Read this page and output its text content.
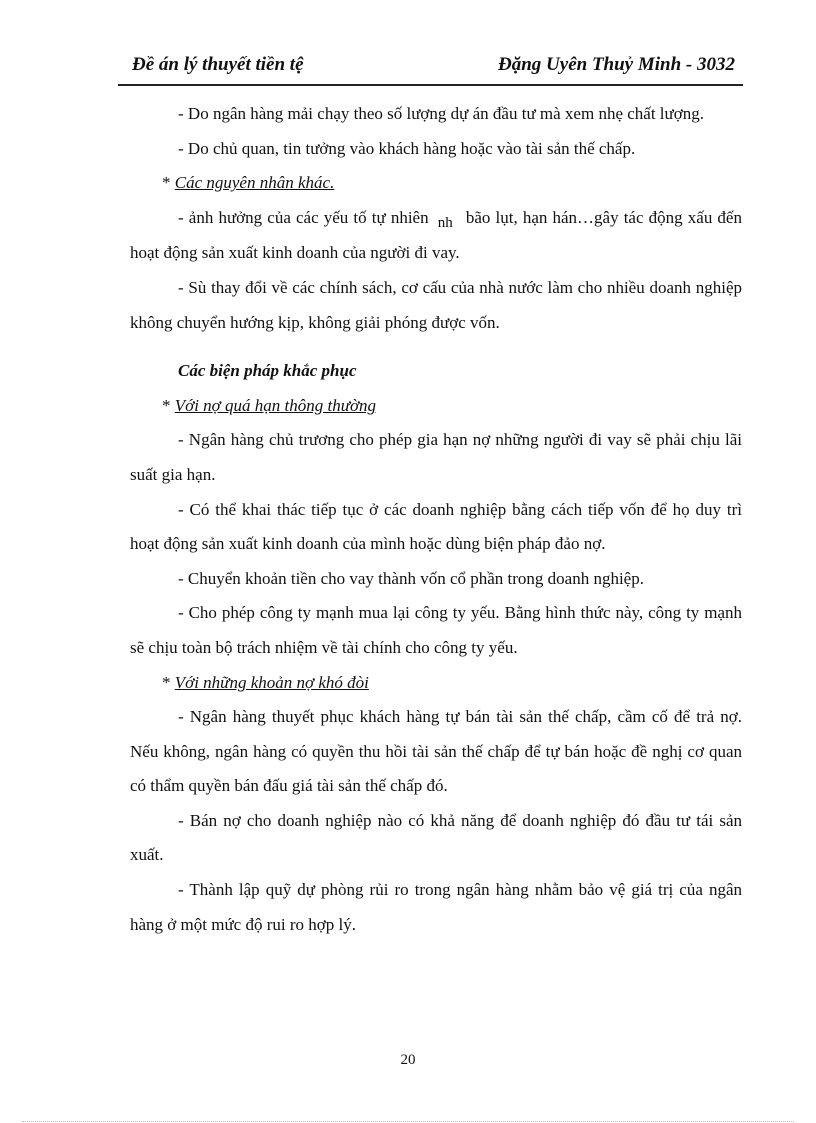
Đề án lý thuyết tiền tệ	Đặng Uyên Thuỷ Minh - 3032

- Do ngân hàng mải chạy theo số lượng dự án đầu tư mà xem nhẹ chất lượng.

- Do chủ quan, tin tưởng vào khách hàng hoặc vào tài sản thế chấp.

* Các nguyên nhân khác.

- ảnh hưởng của các yếu tố tự nhiên nh bão lụt, hạn hán…gây tác động xấu đến hoạt động sản xuất kinh doanh của người đi vay.

- Sù thay đổi về các chính sách, cơ cấu của nhà nước làm cho nhiều doanh nghiệp không chuyển hướng kịp, không giải phóng được vốn.

Các biện pháp khắc phục

* Với nợ quá hạn thông thường

- Ngân hàng chủ trương cho phép gia hạn nợ những người đi vay sẽ phải chịu lãi suất gia hạn.

- Có thể khai thác tiếp tục ở các doanh nghiệp bằng cách tiếp vốn để họ duy trì hoạt động sản xuất kinh doanh của mình hoặc dùng biện pháp đảo nợ.

- Chuyển khoản tiền cho vay thành vốn cổ phần trong doanh nghiệp.

- Cho phép công ty mạnh mua lại công ty yếu. Bằng hình thức này, công ty mạnh sẽ chịu toàn bộ trách nhiệm về tài chính cho công ty yếu.

* Với những khoản nợ khó đòi

- Ngân hàng thuyết phục khách hàng tự bán tài sản thế chấp, cầm cố để trả nợ. Nếu không, ngân hàng có quyền thu hồi tài sản thế chấp để tự bán hoặc đề nghị cơ quan có thẩm quyền bán đấu giá tài sản thế chấp đó.

- Bán nợ cho doanh nghiệp nào có khả năng để doanh nghiệp đó đầu tư tái sản xuất.

- Thành lập quỹ dự phòng rủi ro trong ngân hàng nhằm bảo vệ giá trị của ngân hàng ở một mức độ rui ro hợp lý.

20
